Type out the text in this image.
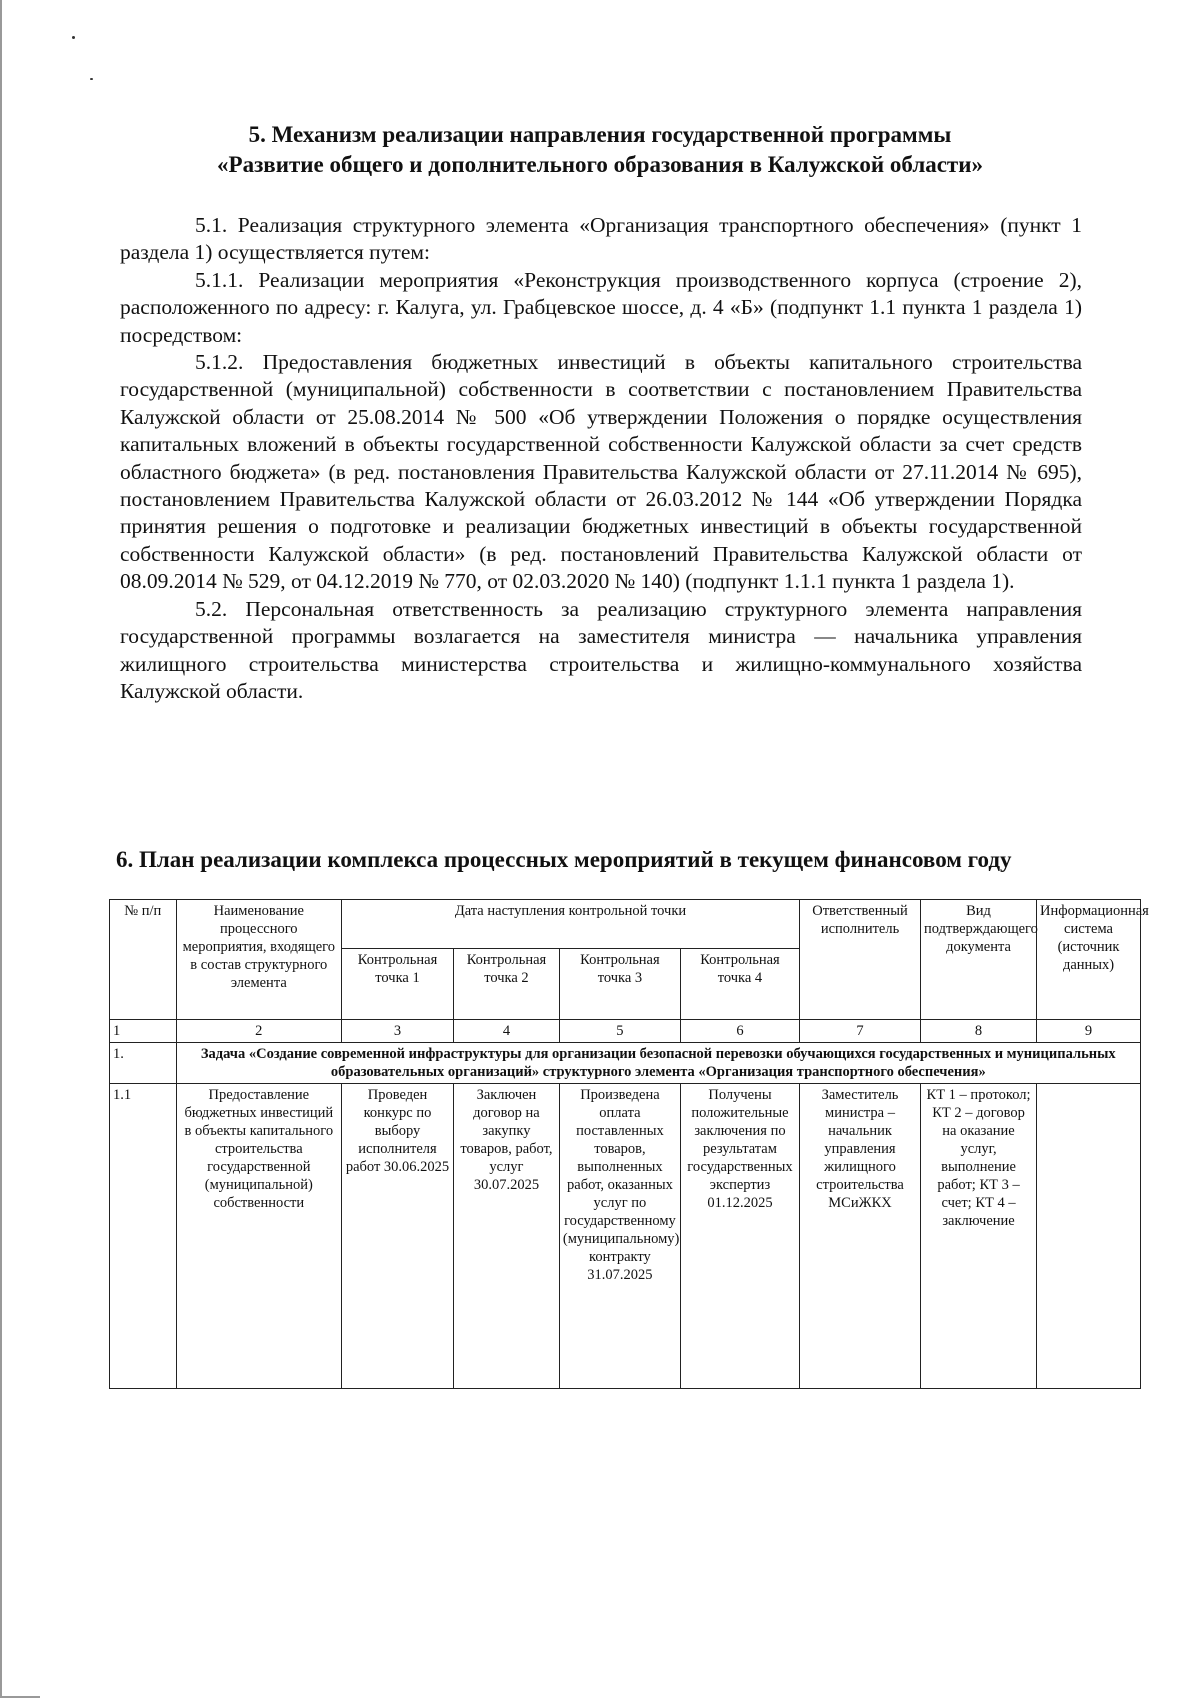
5. Механизм реализации направления государственной программы
«Развитие общего и дополнительного образования в Калужской области»

5.1. Реализация структурного элемента «Организация транспортного обеспечения» (пункт 1 раздела 1) осуществляется путем:

5.1.1. Реализации мероприятия «Реконструкция производственного корпуса (строение 2), расположенного по адресу: г. Калуга, ул. Грабцевское шоссе, д. 4 «Б» (подпункт 1.1 пункта 1 раздела 1) посредством:

5.1.2. Предоставления бюджетных инвестиций в объекты капитального строительства государственной (муниципальной) собственности в соответствии с постановлением Правительства Калужской области от 25.08.2014 № 500 «Об утверждении Положения о порядке осуществления капитальных вложений в объекты государственной собственности Калужской области за счет средств областного бюджета» (в ред. постановления Правительства Калужской области от 27.11.2014 № 695), постановлением Правительства Калужской области от 26.03.2012 № 144 «Об утверждении Порядка принятия решения о подготовке и реализации бюджетных инвестиций в объекты государственной собственности Калужской области» (в ред. постановлений Правительства Калужской области от 08.09.2014 № 529, от 04.12.2019 № 770, от 02.03.2020 № 140) (подпункт 1.1.1 пункта 1 раздела 1).

5.2. Персональная ответственность за реализацию структурного элемента направления государственной программы возлагается на заместителя министра — начальника управления жилищного строительства министерства строительства и жилищно-коммунального хозяйства Калужской области.

6. План реализации комплекса процессных мероприятий в текущем финансовом году
№ п/п	Наименование процессного мероприятия, входящего в состав структурного элемента	Дата наступления контрольной точки				Ответственный исполнитель	Вид подтверждающего документа	Информационная система (источник данных)
		Контрольная точка 1	Контрольная точка 2	Контрольная точка 3	Контрольная точка 4			
1	2	3	4	5	6	7	8	9
1.	Задача «Создание современной инфраструктуры для организации безопасной перевозки обучающихся государственных и муниципальных образовательных организаций» структурного элемента «Организация транспортного обеспечения»							
1.1	Предоставление бюджетных инвестиций в объекты капитального строительства государственной (муниципальной) собственности	Проведен конкурс по выбору исполнителя работ 30.06.2025	Заключен договор на закупку товаров, работ, услуг 30.07.2025	Произведена оплата поставленных товаров, выполненных работ, оказанных услуг по государственному (муниципальному) контракту 31.07.2025	Получены положительные заключения по результатам государственных экспертиз 01.12.2025	Заместитель министра – начальник управления жилищного строительства МСиЖКХ	КТ 1 – протокол; КТ 2 – договор на оказание услуг, выполнение работ; КТ 3 – счет; КТ 4 – заключение	
